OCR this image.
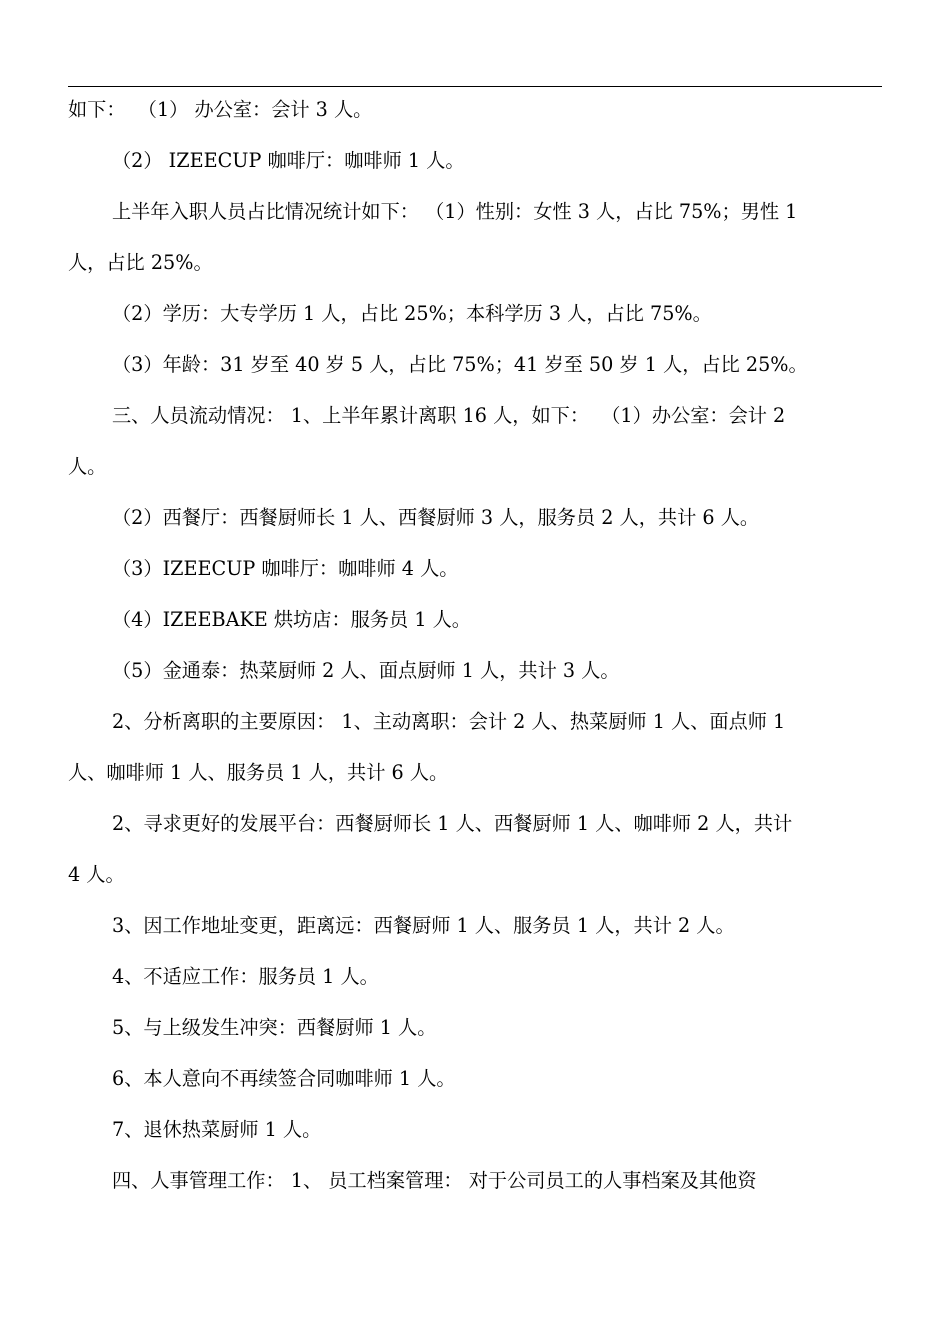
如下：  （1） 办公室：会计 3 人。
（2） IZEECUP 咖啡厅：咖啡师 1 人。
上半年入职人员占比情况统计如下： （1）性别：女性 3 人，占比 75%；男性 1
人，占比 25%。
（2）学历：大专学历 1 人，占比 25%；本科学历 3 人，占比 75%。
（3）年龄：31 岁至 40 岁 5 人，占比 75%；41 岁至 50 岁 1 人，占比 25%。
三、人员流动情况： 1、上半年累计离职 16 人，如下：  （1）办公室：会计 2
人。
（2）西餐厅：西餐厨师长 1 人、西餐厨师 3 人，服务员 2 人，共计 6 人。
（3）IZEECUP 咖啡厅：咖啡师 4 人。
（4）IZEEBAKE 烘坊店：服务员 1 人。
（5）金通泰：热菜厨师 2 人、面点厨师 1 人，共计 3 人。
2、分析离职的主要原因： 1、主动离职：会计 2 人、热菜厨师 1 人、面点师 1
人、咖啡师 1 人、服务员 1 人，共计 6 人。
2、寻求更好的发展平台：西餐厨师长 1 人、西餐厨师 1 人、咖啡师 2 人，共计
4 人。
3、因工作地址变更，距离远：西餐厨师 1 人、服务员 1 人，共计 2 人。
4、不适应工作：服务员 1 人。
5、与上级发生冲突：西餐厨师 1 人。
6、本人意向不再续签合同咖啡师 1 人。
7、退休热菜厨师 1 人。
四、人事管理工作： 1、 员工档案管理： 对于公司员工的人事档案及其他资
